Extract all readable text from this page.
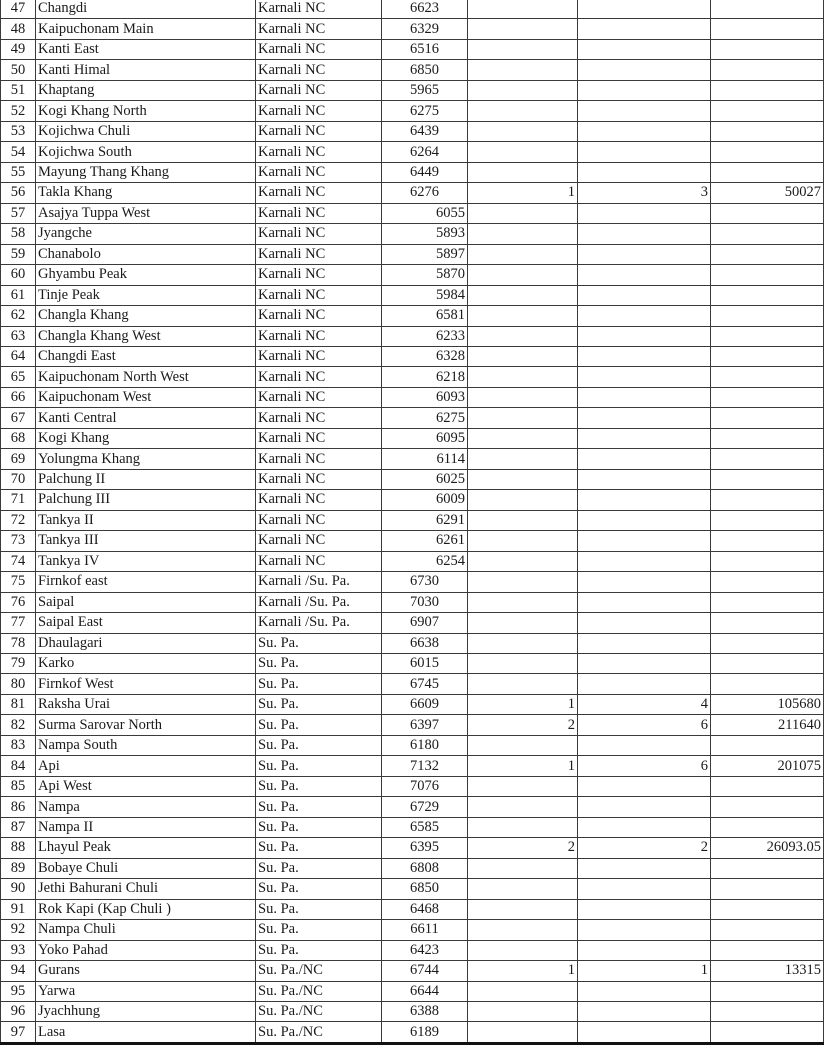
47	Changdi	Karnali NC	6623			
48	Kaipuchonam Main	Karnali NC	6329			
49	Kanti East	Karnali NC	6516			
50	Kanti Himal	Karnali NC	6850			
51	Khaptang	Karnali NC	5965			
52	Kogi Khang North	Karnali NC	6275			
53	Kojichwa Chuli	Karnali NC	6439			
54	Kojichwa South	Karnali NC	6264			
55	Mayung Thang Khang	Karnali NC	6449			
56	Takla Khang	Karnali NC	6276	1	3	50027
57	Asajya Tuppa West	Karnali NC	6055			
58	Jyangche	Karnali NC	5893			
59	Chanabolo	Karnali NC	5897			
60	Ghyambu Peak	Karnali NC	5870			
61	Tinje Peak	Karnali NC	5984			
62	Changla Khang	Karnali NC	6581			
63	Changla Khang West	Karnali NC	6233			
64	Changdi East	Karnali NC	6328			
65	Kaipuchonam North West	Karnali NC	6218			
66	Kaipuchonam West	Karnali NC	6093			
67	Kanti Central	Karnali NC	6275			
68	Kogi Khang	Karnali NC	6095			
69	Yolungma Khang	Karnali NC	6114			
70	Palchung II	Karnali NC	6025			
71	Palchung III	Karnali NC	6009			
72	Tankya II	Karnali NC	6291			
73	Tankya III	Karnali NC	6261			
74	Tankya IV	Karnali NC	6254			
75	Firnkof east	Karnali /Su. Pa.	6730			
76	Saipal	Karnali /Su. Pa.	7030			
77	Saipal East	Karnali /Su. Pa.	6907			
78	Dhaulagari	Su. Pa.	6638			
79	Karko	Su. Pa.	6015			
80	Firnkof West	Su. Pa.	6745			
81	Raksha Urai	Su. Pa.	6609	1	4	105680
82	Surma Sarovar North	Su. Pa.	6397	2	6	211640
83	Nampa South	Su. Pa.	6180			
84	Api	Su. Pa.	7132	1	6	201075
85	Api West	Su. Pa.	7076			
86	Nampa	Su. Pa.	6729			
87	Nampa II	Su. Pa.	6585			
88	Lhayul Peak	Su. Pa.	6395	2	2	26093.05
89	Bobaye Chuli	Su. Pa.	6808			
90	Jethi Bahurani Chuli	Su. Pa.	6850			
91	Rok Kapi (Kap Chuli )	Su. Pa.	6468			
92	Nampa Chuli	Su. Pa.	6611			
93	Yoko Pahad	Su. Pa.	6423			
94	Gurans	Su. Pa./NC	6744	1	1	13315
95	Yarwa	Su. Pa./NC	6644			
96	Jyachhung	Su. Pa./NC	6388			
97	Lasa	Su. Pa./NC	6189			
